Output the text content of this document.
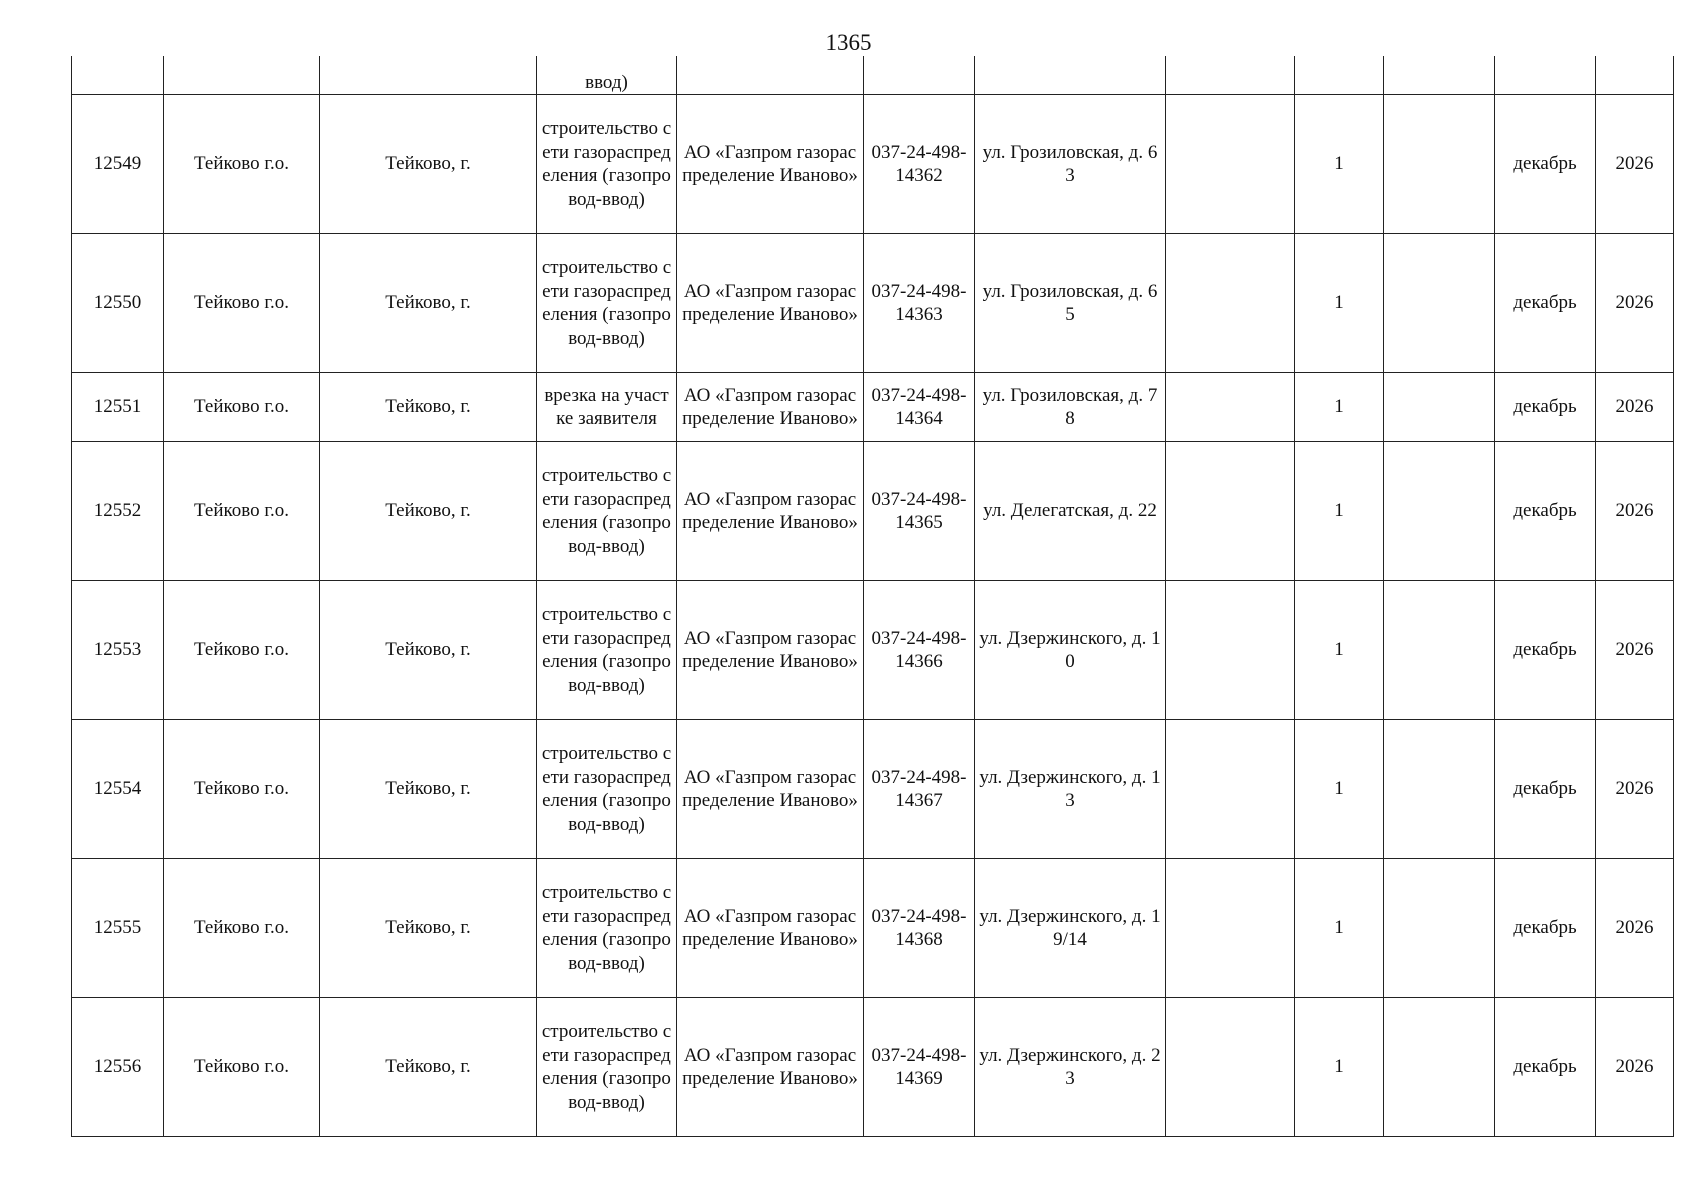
1365
			ввод)								
12549	Тейково г.о.	Тейково, г.	строительство сети газораспределения (газопровод-ввод)	АО «Газпром газораспределение Иваново»	037-24-498-14362	ул. Грозиловская, д. 63		1		декабрь	2026
12550	Тейково г.о.	Тейково, г.	строительство сети газораспределения (газопровод-ввод)	АО «Газпром газораспределение Иваново»	037-24-498-14363	ул. Грозиловская, д. 65		1		декабрь	2026
12551	Тейково г.о.	Тейково, г.	врезка на участке заявителя	АО «Газпром газораспределение Иваново»	037-24-498-14364	ул. Грозиловская, д. 78		1		декабрь	2026
12552	Тейково г.о.	Тейково, г.	строительство сети газораспределения (газопровод-ввод)	АО «Газпром газораспределение Иваново»	037-24-498-14365	ул. Делегатская, д. 22		1		декабрь	2026
12553	Тейково г.о.	Тейково, г.	строительство сети газораспределения (газопровод-ввод)	АО «Газпром газораспределение Иваново»	037-24-498-14366	ул. Дзержинского, д. 10		1		декабрь	2026
12554	Тейково г.о.	Тейково, г.	строительство сети газораспределения (газопровод-ввод)	АО «Газпром газораспределение Иваново»	037-24-498-14367	ул. Дзержинского, д. 13		1		декабрь	2026
12555	Тейково г.о.	Тейково, г.	строительство сети газораспределения (газопровод-ввод)	АО «Газпром газораспределение Иваново»	037-24-498-14368	ул. Дзержинского, д. 19/14		1		декабрь	2026
12556	Тейково г.о.	Тейково, г.	строительство сети газораспределения (газопровод-ввод)	АО «Газпром газораспределение Иваново»	037-24-498-14369	ул. Дзержинского, д. 23		1		декабрь	2026
